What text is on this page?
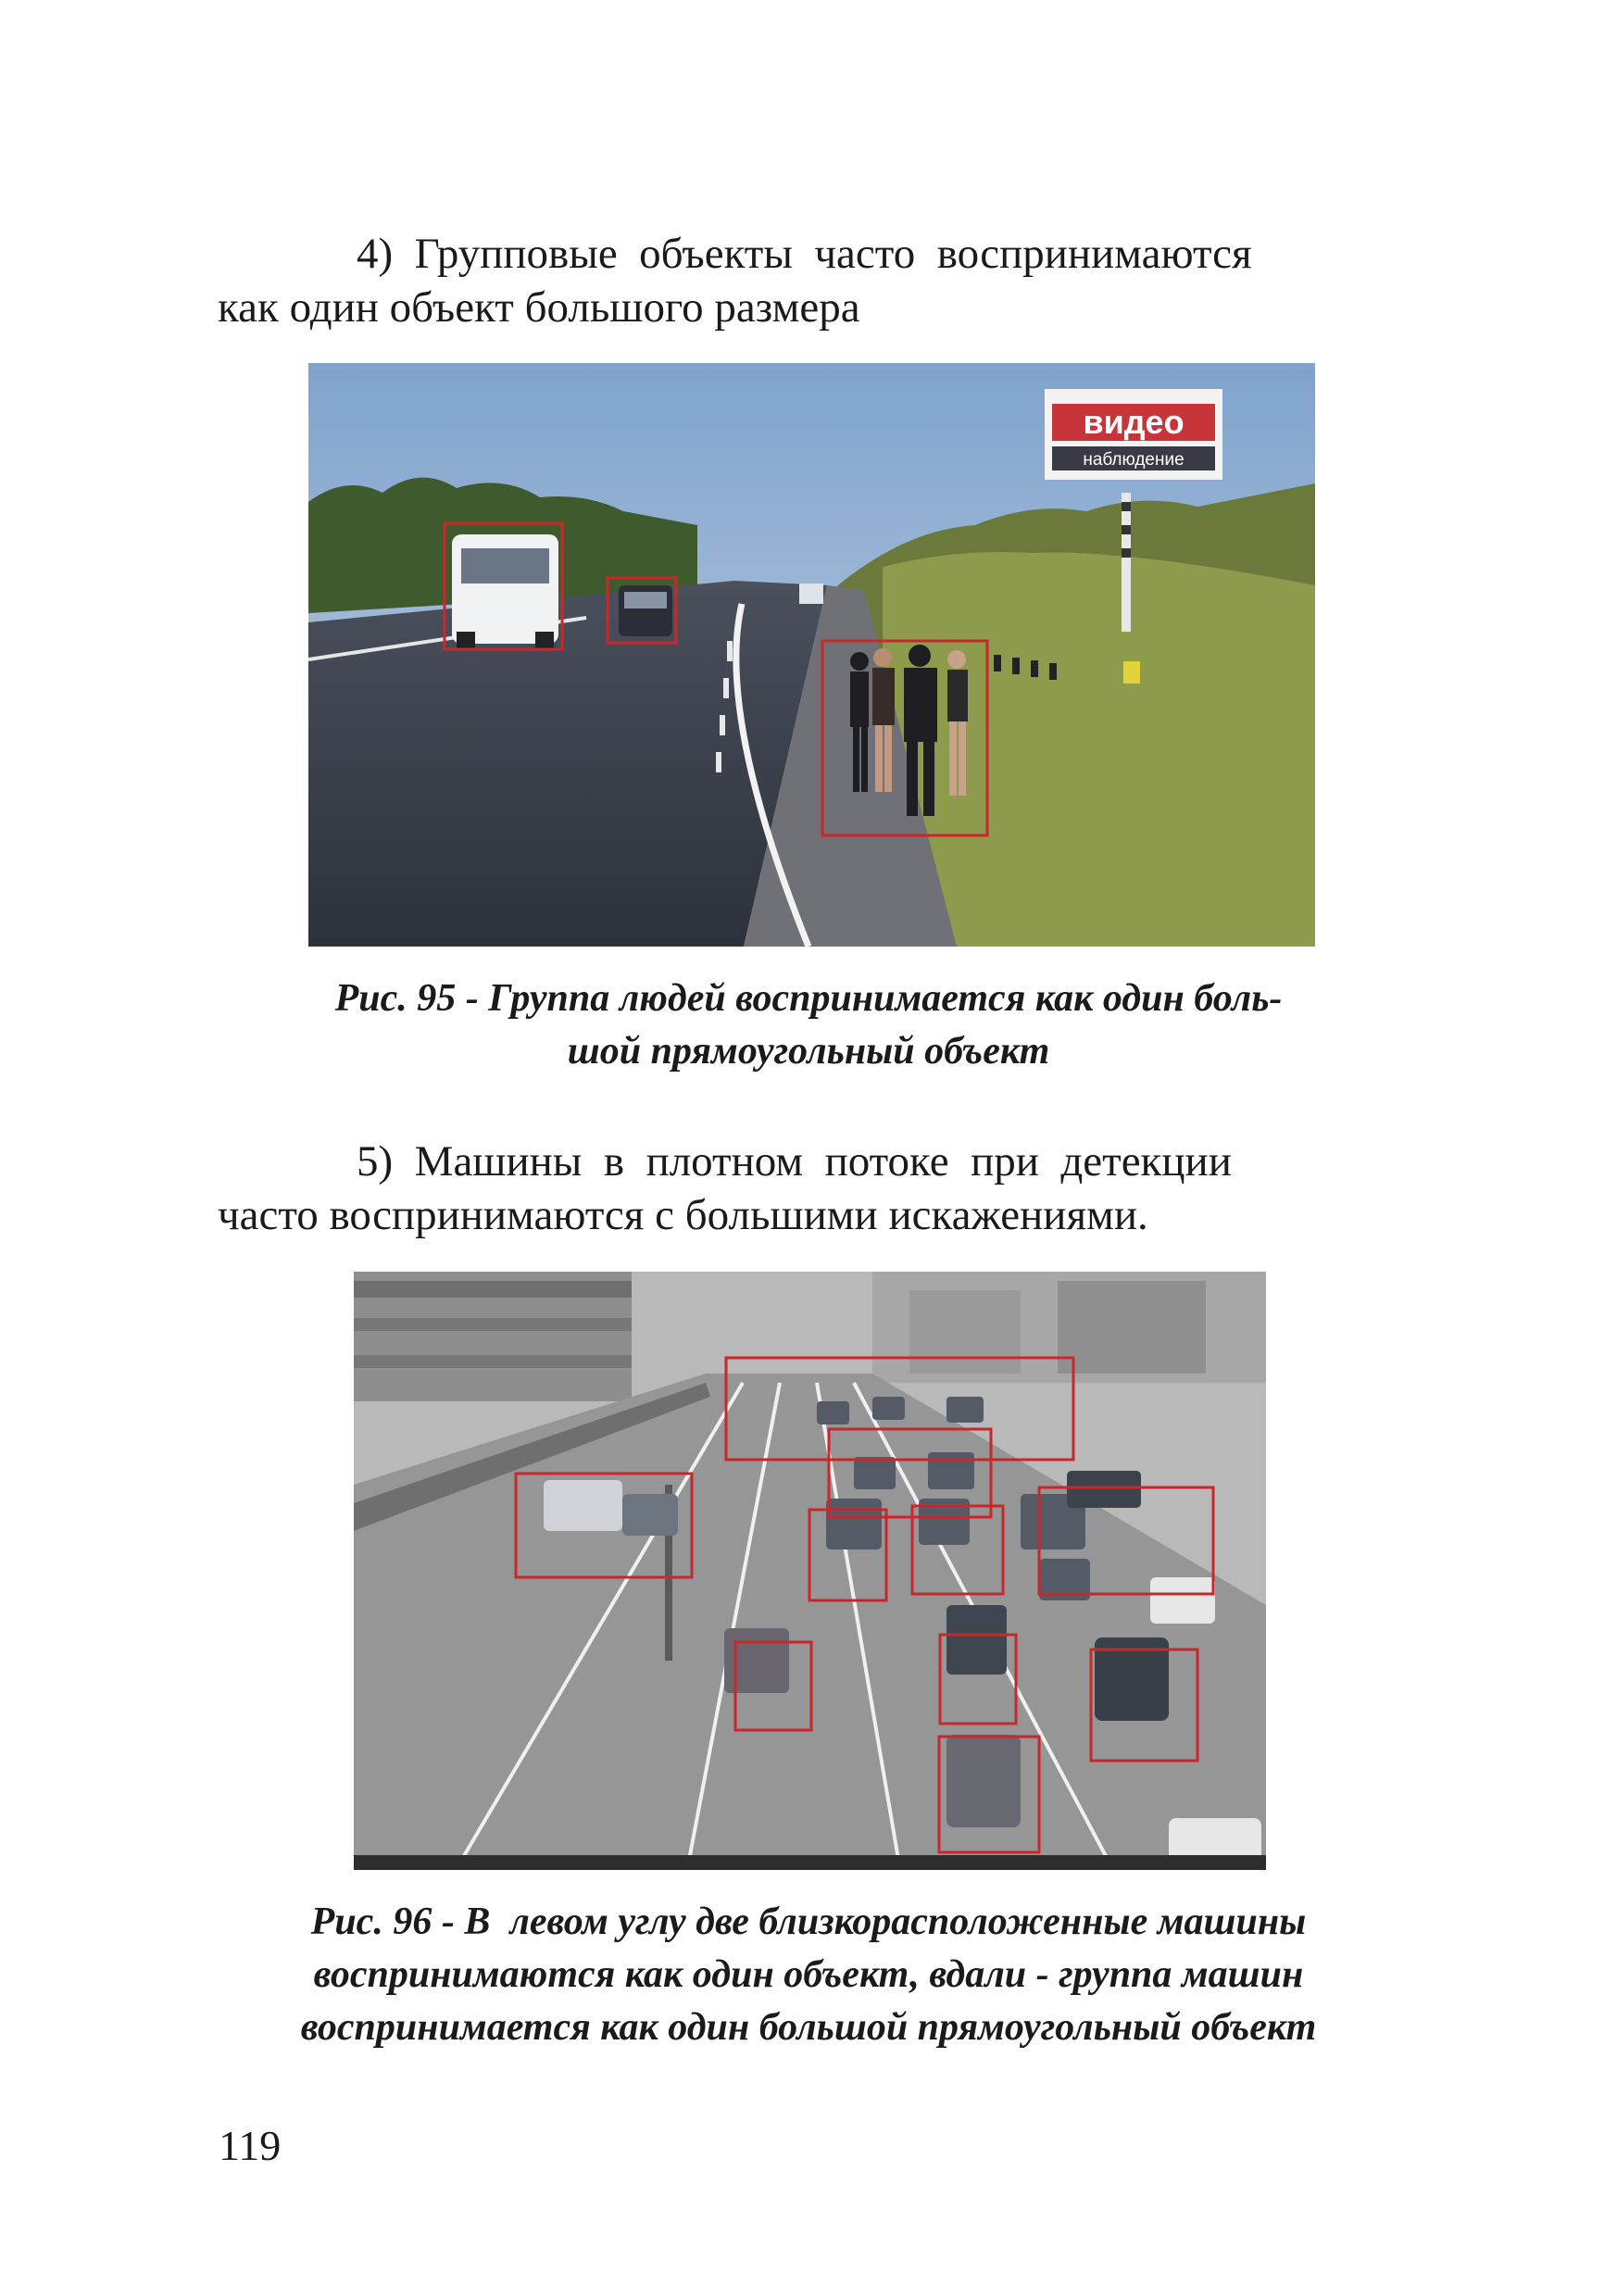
4)  Групповые  объекты  часто  воспринимаются
как один объект большого размера

видео
наблюдение

Рис. 95 - Группа людей воспринимается как один боль-
шой прямоугольный объект

5)  Машины  в  плотном  потоке  при  детекции
часто воспринимаются с большими искажениями.

Рис. 96 - В  левом углу две близкорасположенные машины
воспринимаются как один объект, вдали - группа машин
воспринимается как один большой прямоугольный объект

119
